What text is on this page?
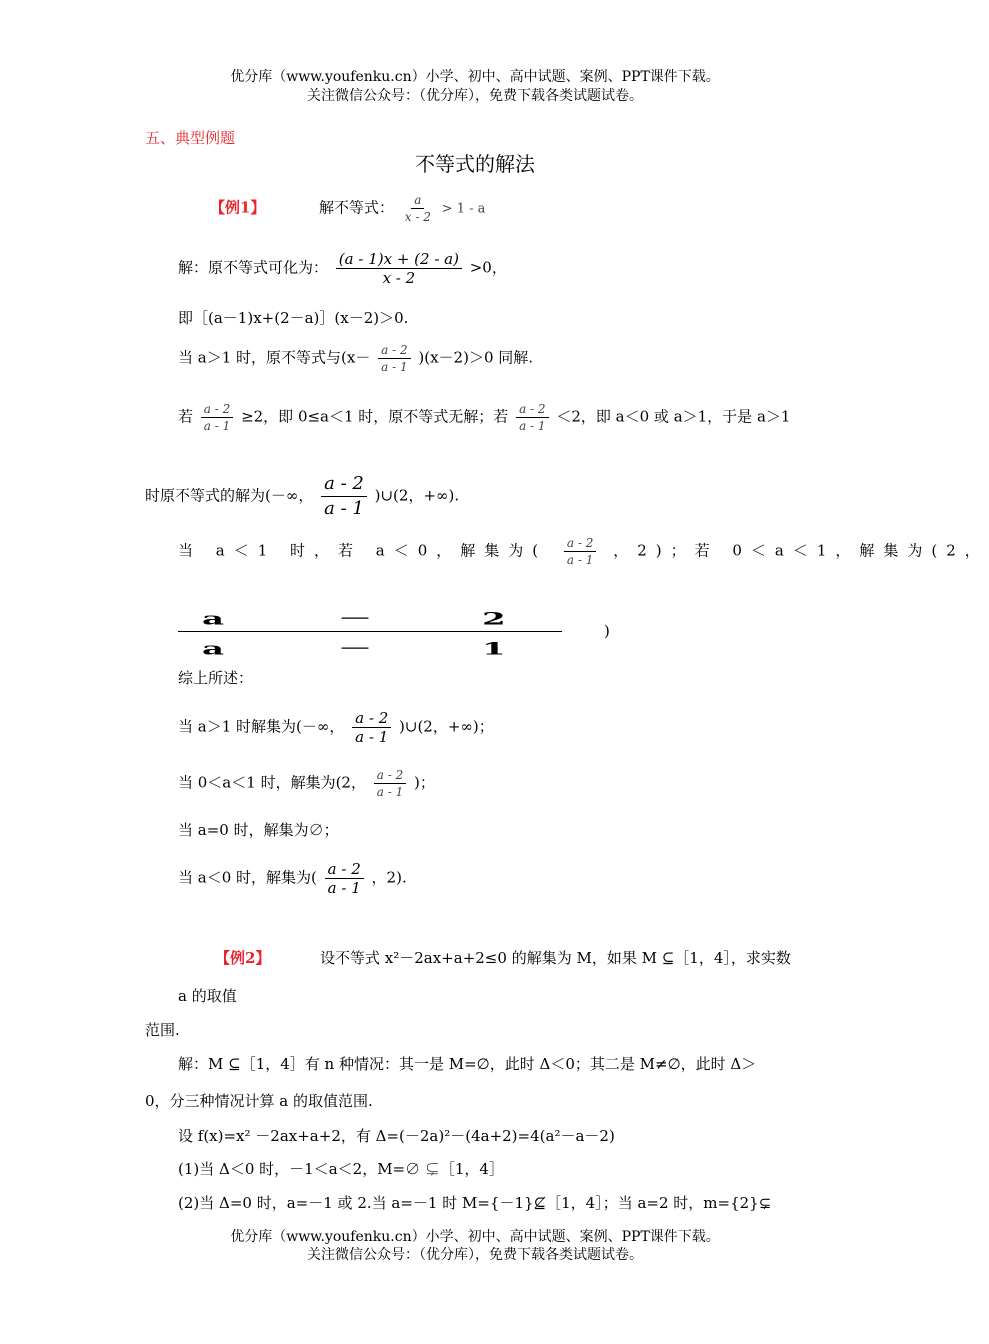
优分库（www.youfenku.cn）小学、初中、高中试题、案例、PPT课件下载。
关注微信公众号：（优分库），免费下载各类试题试卷。
五、典型例题
不等式的解法
【例1】	解不等式： $\frac{a}{x - 2} > 1 - a$
解：原不等式可化为： $\frac{(a - 1)x + (2 - a)}{x - 2} >0$，
即［(a－1)x+(2－a)］(x－2)＞0.
当 a＞1 时，原不等式与$(x- \frac{a - 2}{a - 1} )(x-2)>0$ 同解.
若 $\frac{a - 2}{a - 1} \ge 2$，即 0≤a＜1 时，原不等式无解；若 $\frac{a - 2}{a - 1} <2$，即 a＜0 或 a＞1，于是 a＞1
时原不等式的解为(－∞， $\frac{a - 2}{a - 1}$ )∪(2，+∞).
当 a＜1 时，若 a＜0，解集为( $\frac{a - 2}{a - 1}$ ，2)；若 0＜a＜1，解集为(2，
a	－	2
a	－	1
)
综上所述：
当 a＞1 时解集为(－∞， $\frac{a - 2}{a - 1}$ )∪(2，+∞)；
当 0＜a＜1 时，解集为(2， $\frac{a - 2}{a - 1}$ )；
当 a=0 时，解集为∅；
当 a＜0 时，解集为( $\frac{a - 2}{a - 1}$ ，2).
【例2】	设不等式 x²－2ax+a+2≤0 的解集为 M，如果 M ⊆［1，4］，求实数
a 的取值
范围.
解：M ⊆［1，4］有 n 种情况：其一是 M=∅，此时 Δ＜0；其二是 M≠∅，此时 Δ＞
0，分三种情况计算 a 的取值范围.
设 f(x)=x² －2ax+a+2，有 Δ=(－2a)²－(4a+2)=4(a²－a－2)
(1)当 Δ＜0 时，－1＜a＜2，M=∅ ⊊［1，4］
(2)当 Δ=0 时，a=－1 或 2.当 a=－1 时 M={－1}⊈［1，4］；当 a=2 时，m={2}⊊
优分库（www.youfenku.cn）小学、初中、高中试题、案例、PPT课件下载。
关注微信公众号：（优分库），免费下载各类试题试卷。
